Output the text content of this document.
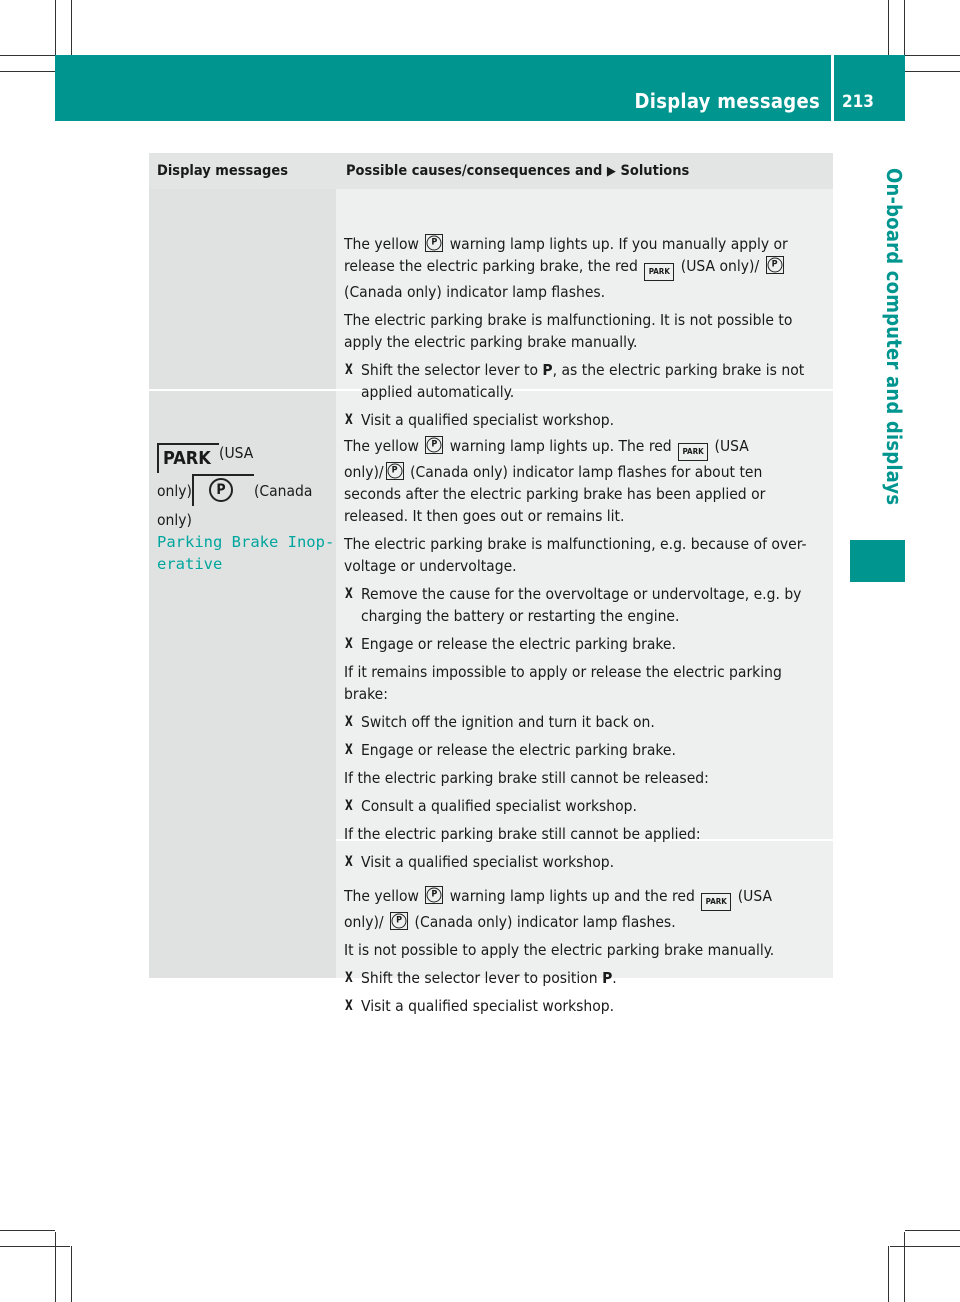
Display messages 213
On-board computer and displays
Display messages	Possible causes/consequences and ▶ Solutions

The yellow P warning lamp lights up. If you manually apply or

release the electric parking brake, the red PARK (USA only)/ P

(Canada only) indicator lamp flashes.

The electric parking brake is malfunctioning. It is not possible to

apply the electric parking brake manually.

X Shift the selector lever to P, as the electric parking brake is not

applied automatically.

X Visit a qualified specialist workshop.

PARK (USA

only) P	(Canada

only)

Parking Brake Inop‐

erative

The yellow P warning lamp lights up. The red PARK (USA

only)/ P (Canada only) indicator lamp flashes for about ten

seconds after the electric parking brake has been applied or

released. It then goes out or remains lit.

The electric parking brake is malfunctioning, e.g. because of over-

voltage or undervoltage.

X Remove the cause for the overvoltage or undervoltage, e.g. by

charging the battery or restarting the engine.

X Engage or release the electric parking brake.

If it remains impossible to apply or release the electric parking

brake:

X Switch off the ignition and turn it back on.

X Engage or release the electric parking brake.

If the electric parking brake still cannot be released:

X Consult a qualified specialist workshop.

If the electric parking brake still cannot be applied:

X Visit a qualified specialist workshop.

The yellow P warning lamp lights up and the red PARK (USA

only)/ P (Canada only) indicator lamp flashes.

It is not possible to apply the electric parking brake manually.

X Shift the selector lever to position P.

X Visit a qualified specialist workshop.
